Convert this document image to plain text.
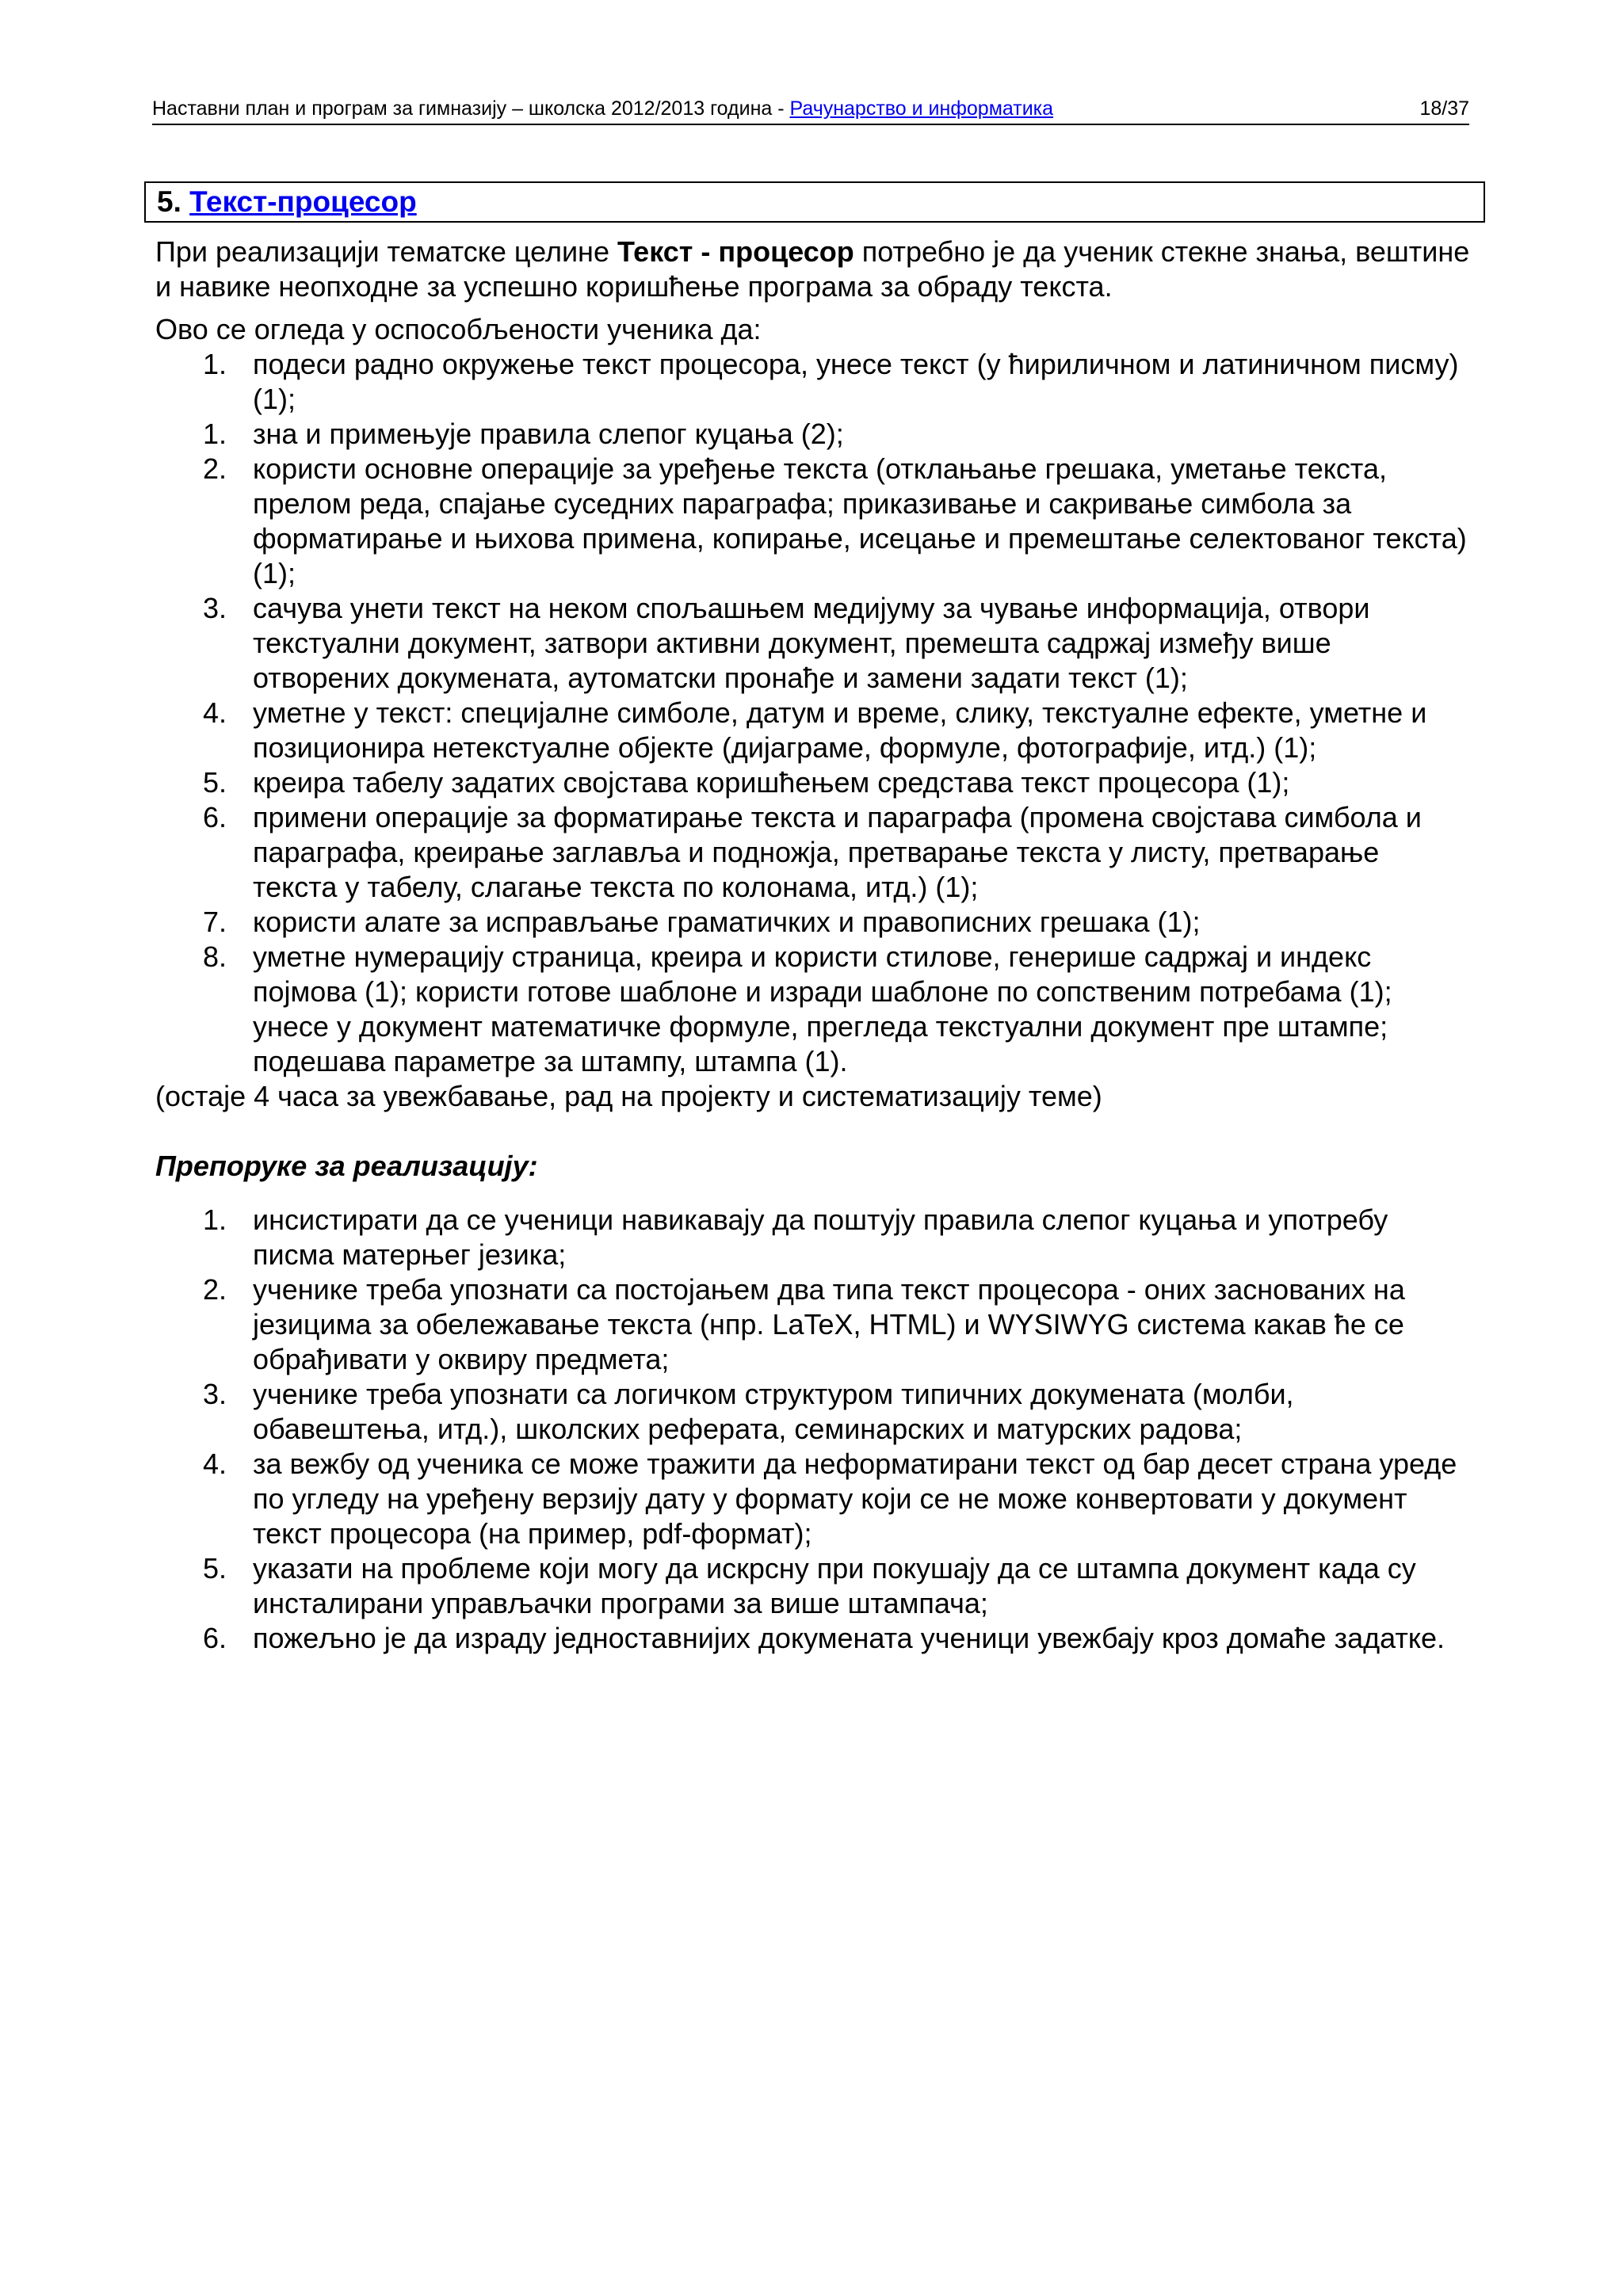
Наставни план и програм за гимназију – школска 2012/2013 година - Рачунарство и информатика	18/37
5. Текст-процесор

При реализацији тематске целине Текст - процесор потребно је да ученик стекне знања, вештине и навике неопходне за успешно коришћење програма за обраду текста.

Ово се огледа у оспособљености ученика да:

1. подеси радно окружење текст процесора, унесе текст (у ћириличном и латиничном писму) (1);
1. зна и примењује правила слепог куцања (2);
2. користи основне операције за уређење текста (отклањање грешака, уметање текста, прелом реда, спајање суседних параграфа; приказивање и сакривање симбола за форматирање и њихова примена, копирање, исецање и премештање селектованог текста) (1);
3. сачува унети текст на неком спољашњем медијуму за чување информација, отвори текстуални документ, затвори активни документ, премешта садржај између више отворених докумената, аутоматски пронађе и замени задати текст (1);
4. уметне у текст: специјалне симболе, датум и време, слику, текстуалне ефекте, уметне и позиционира нетекстуалне објекте (дијаграме, формуле, фотографије, итд.) (1);
5. креира табелу задатих својстава коришћењем средстава текст процесора (1);
6. примени операције за форматирање текста и параграфа (промена својстава симбола и параграфа, креирање заглавља и подножја, претварање текста у листу, претварање текста у табелу, слагање текста по колонама, итд.) (1);
7. користи алате за исправљање граматичких и правописних грешака (1);
8. уметне нумерацију страница, креира и користи стилове, генерише садржај и индекс појмова (1); користи готове шаблоне и изради шаблоне по сопственим потребама (1); унесе у документ математичке формуле, прегледа текстуални документ пре штампе; подешава параметре за штампу, штампа (1).

(остаје 4 часа за увежбавање, рад на пројекту и систематизацију теме)

Препоруке за реализацију:

1. инсистирати да се ученици навикавају да поштују правила слепог куцања и употребу писма матерњег језика;
2. ученике треба упознати са постојањем два типа текст процесора - оних заснованих на језицима за обележавање текста (нпр. LaTeX, HTML) и WYSIWYG система какав ће се обрађивати у оквиру предмета;
3. ученике треба упознати са логичком структуром типичних докумената (молби, обавештења, итд.), школских реферата, семинарских и матурских радова;
4. за вежбу од ученика се може тражити да неформатирани текст од бар десет страна уреде по угледу на уређену верзију дату у формату који се не може конвертовати у документ текст процесора (на пример, pdf-формат);
5. указати на проблеме који могу да искрсну при покушају да се штампа документ када су инсталирани управљачки програми за више штампача;
6. пожељно је да израду једноставнијих докумената ученици увежбају кроз домаће задатке.
